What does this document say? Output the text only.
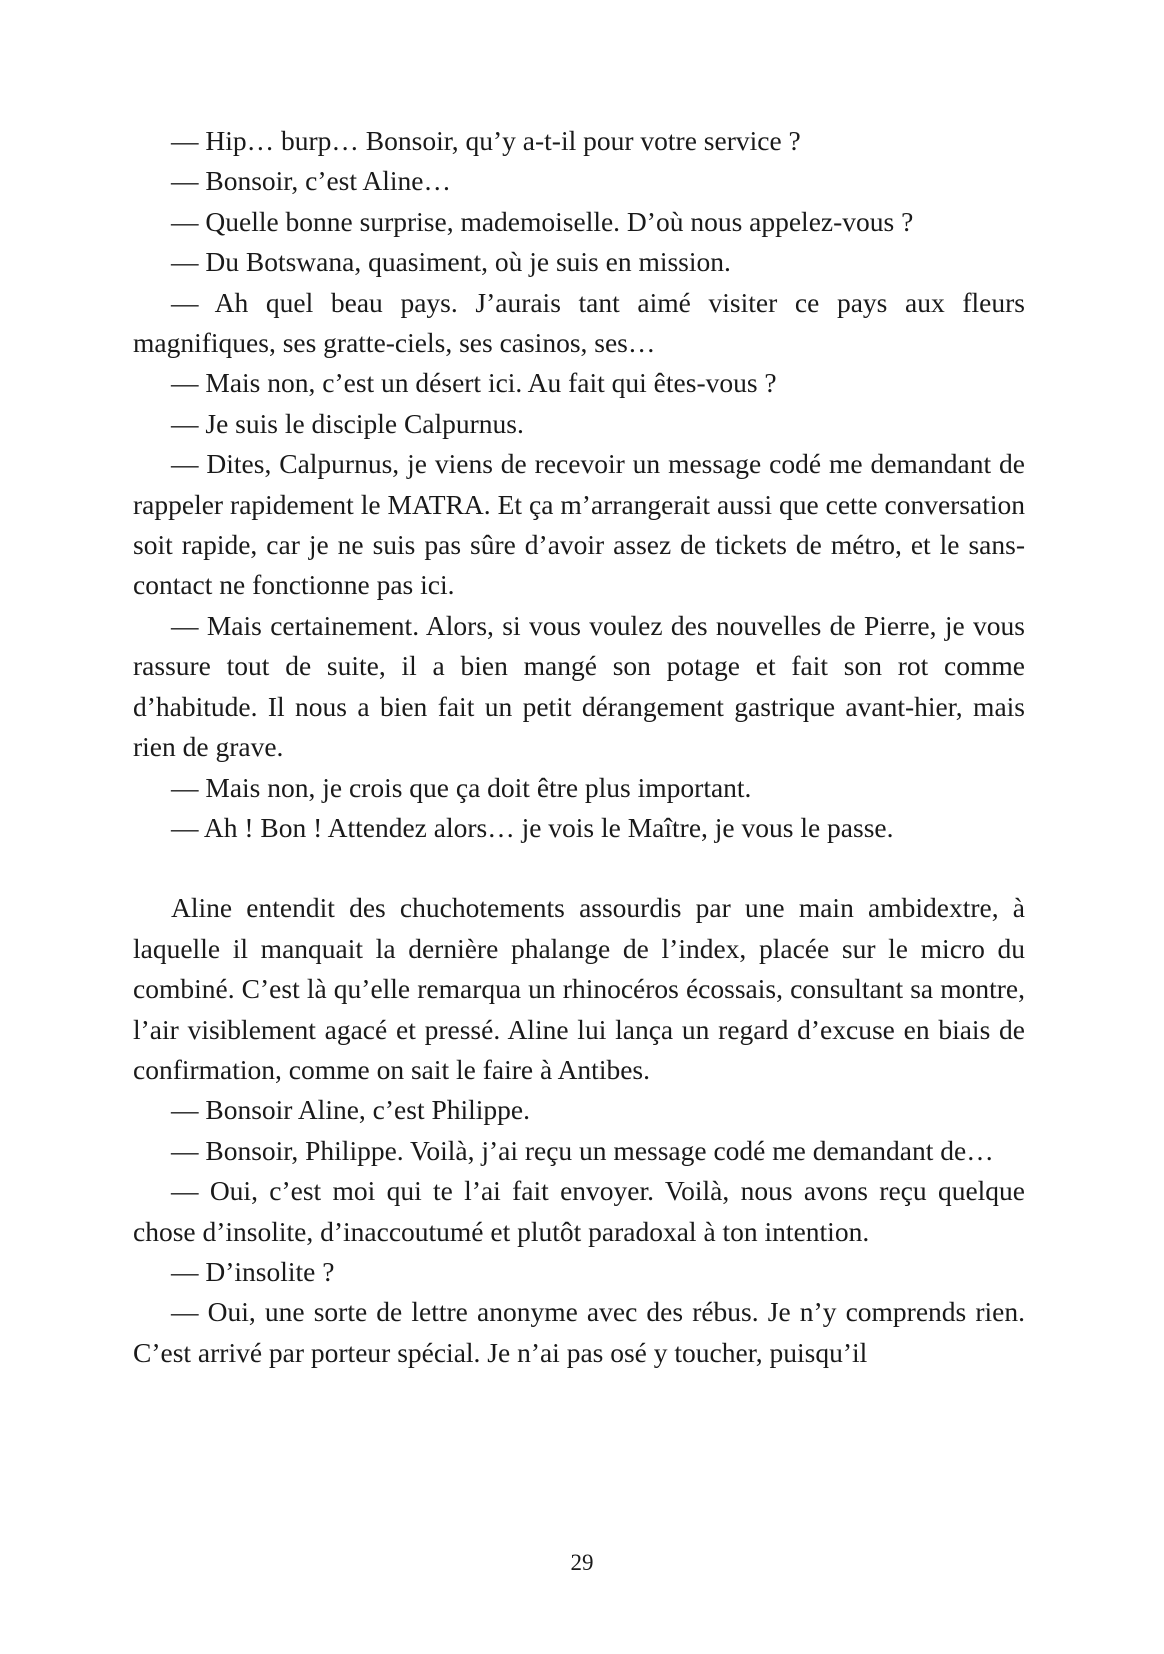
— Hip… burp… Bonsoir, qu’y a-t-il pour votre service ?

— Bonsoir, c’est Aline…

— Quelle bonne surprise, mademoiselle. D’où nous appelez-vous ?

— Du Botswana, quasiment, où je suis en mission.

— Ah quel beau pays. J’aurais tant aimé visiter ce pays aux fleurs magnifiques, ses gratte-ciels, ses casinos, ses…

— Mais non, c’est un désert ici. Au fait qui êtes-vous ?

— Je suis le disciple Calpurnus.

— Dites, Calpurnus, je viens de recevoir un message codé me demandant de rappeler rapidement le MATRA. Et ça m’arrangerait aussi que cette conversation soit rapide, car je ne suis pas sûre d’avoir assez de tickets de métro, et le sans-contact ne fonctionne pas ici.

— Mais certainement. Alors, si vous voulez des nouvelles de Pierre, je vous rassure tout de suite, il a bien mangé son potage et fait son rot comme d’habitude. Il nous a bien fait un petit dérangement gastrique avant-hier, mais rien de grave.

— Mais non, je crois que ça doit être plus important.

— Ah ! Bon ! Attendez alors… je vois le Maître, je vous le passe.

Aline entendit des chuchotements assourdis par une main ambidextre, à laquelle il manquait la dernière phalange de l’index, placée sur le micro du combiné. C’est là qu’elle remarqua un rhinocéros écossais, consultant sa montre, l’air visiblement agacé et pressé. Aline lui lança un regard d’excuse en biais de confirmation, comme on sait le faire à Antibes.

— Bonsoir Aline, c’est Philippe.

— Bonsoir, Philippe. Voilà, j’ai reçu un message codé me demandant de…

— Oui, c’est moi qui te l’ai fait envoyer. Voilà, nous avons reçu quelque chose d’insolite, d’inaccoutumé et plutôt paradoxal à ton intention.

— D’insolite ?

— Oui, une sorte de lettre anonyme avec des rébus. Je n’y comprends rien. C’est arrivé par porteur spécial. Je n’ai pas osé y toucher, puisqu’il

29
